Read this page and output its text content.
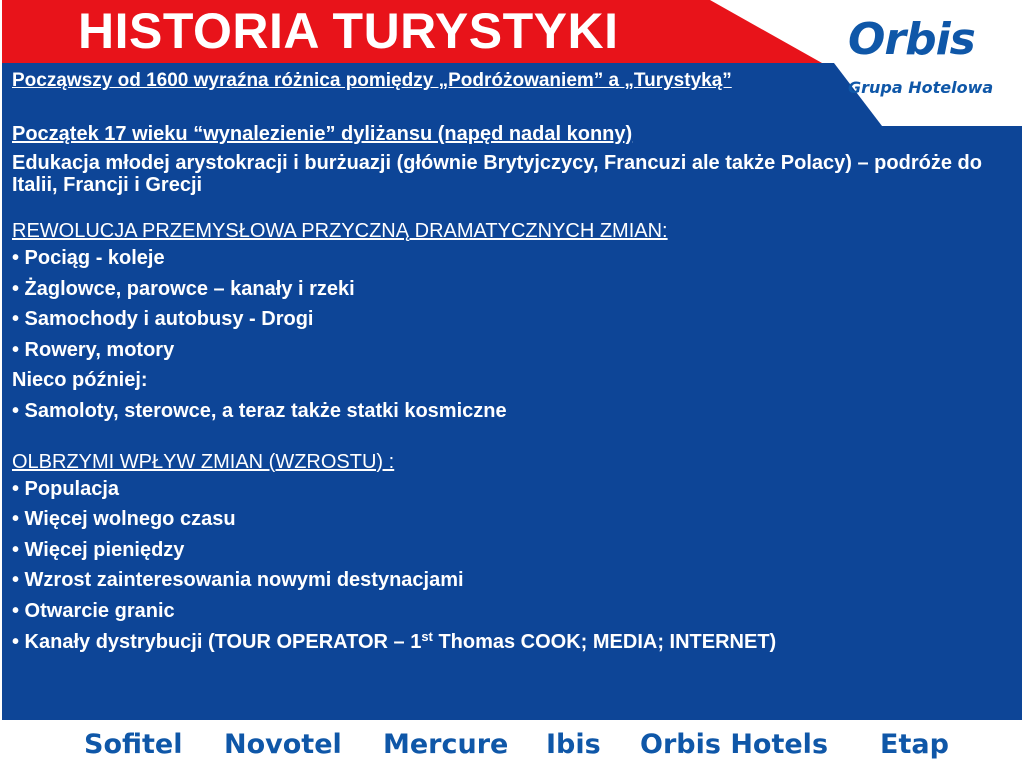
HISTORIA TURYSTYKI
Począwszy od 1600 wyraźna różnica pomiędzy „Podróżowaniem” a „Turystyką”
Początek 17 wieku “wynalezienie” dyliżansu (napęd nadal konny)
Edukacja młodej arystokracji i burżuazji (głównie Brytyjczycy, Francuzi ale także Polacy) – podróże do Italii, Francji i Grecji
REWOLUCJA PRZEMYSŁOWA PRZYCZNĄ DRAMATYCZNYCH ZMIAN:
• Pociąg - koleje
• Żaglowce, parowce – kanały i rzeki
• Samochody i autobusy - Drogi
• Rowery, motory
Nieco później:
• Samoloty, sterowce, a teraz także statki kosmiczne
OLBRZYMI WPŁYW ZMIAN (WZROSTU) :
• Populacja
• Więcej wolnego czasu
• Więcej pieniędzy
• Wzrost zainteresowania nowymi destynacjami
• Otwarcie granic
• Kanały dystrybucji (TOUR OPERATOR – 1st Thomas COOK; MEDIA; INTERNET)
Orbis
Grupa Hotelowa
Sofitel Novotel Mercure Ibis Orbis Hotels Etap
